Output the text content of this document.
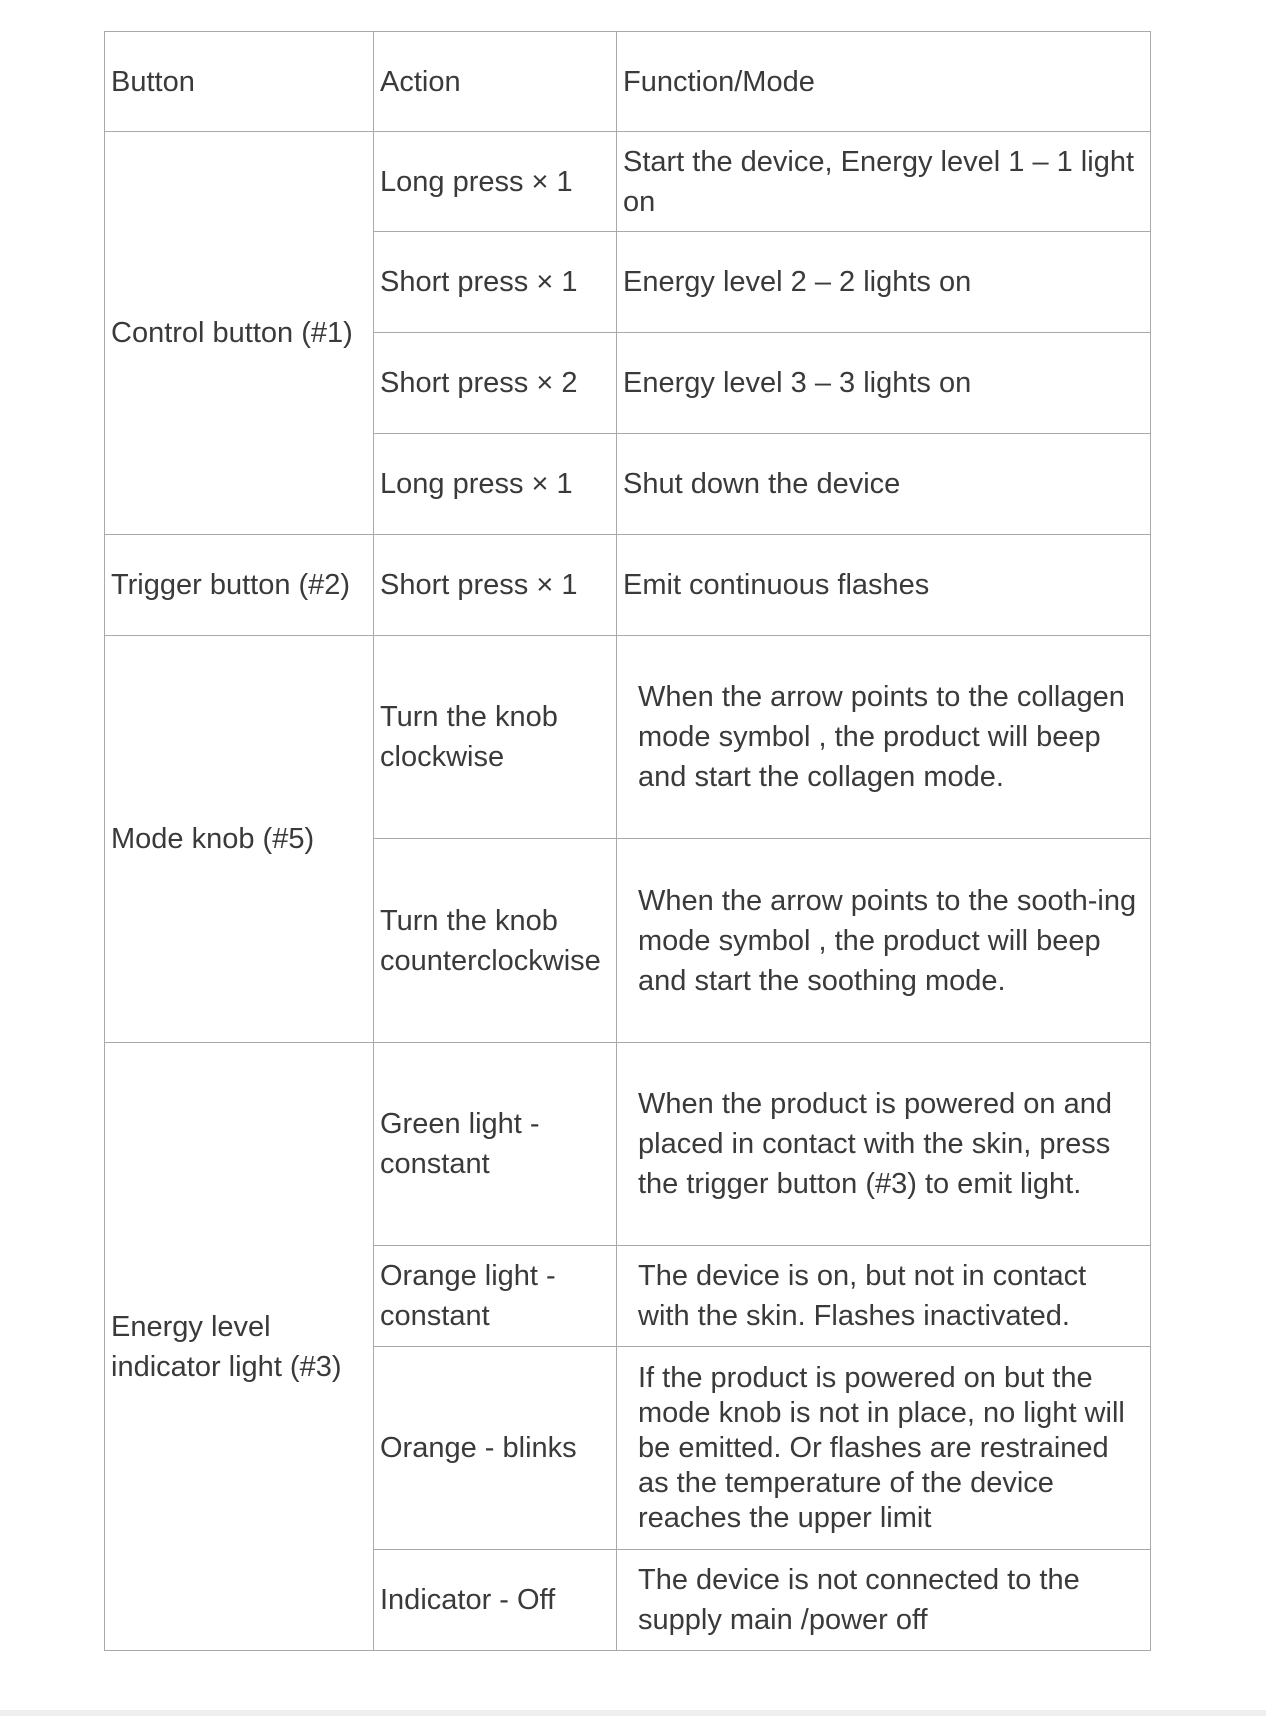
Button	Action	Function/Mode
Control button (#1)	Long press × 1	Start the device, Energy level 1 – 1 light on
	Short press × 1	Energy level 2 – 2 lights on
	Short press × 2	Energy level 3 – 3 lights on
	Long press × 1	Shut down the device
Trigger button (#2)	Short press × 1	Emit continuous flashes
Mode knob (#5)	Turn the knob clockwise	When the arrow points to the collagen mode symbol , the product will beep and start the collagen mode.
	Turn the knob counterclockwise	When the arrow points to the sooth-ing mode symbol , the product will beep and start the soothing mode.
Energy level indicator light (#3)	Green light - constant	When the product is powered on and placed in contact with the skin, press the trigger button (#3) to emit light.
	Orange light - constant	The device is on, but not in contact with the skin. Flashes inactivated.
	Orange - blinks	If the product is powered on but the mode knob is not in place, no light will be emitted. Or flashes are restrained as the temperature of the device reaches the upper limit
	Indicator - Off	The device is not connected to the supply main /power off
